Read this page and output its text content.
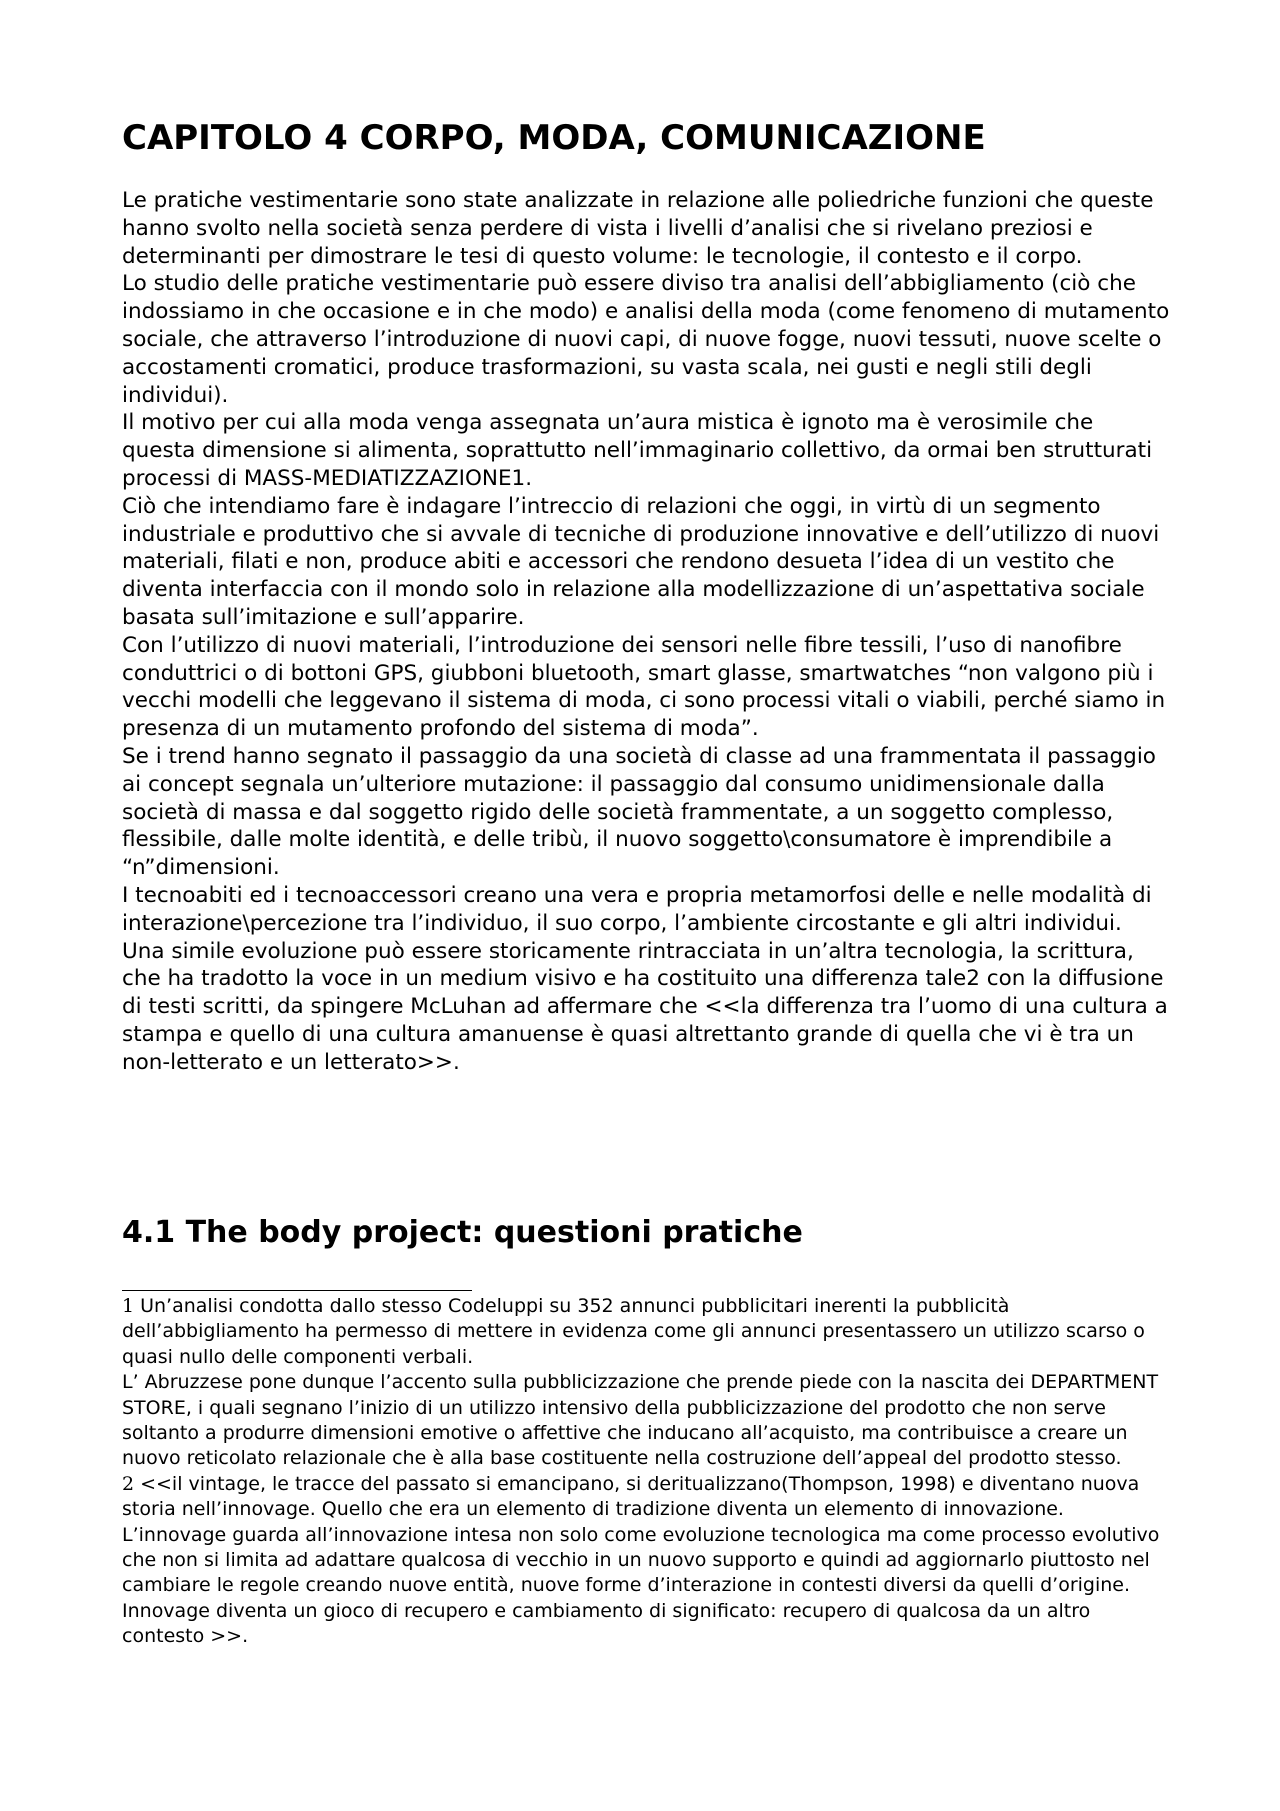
CAPITOLO 4 CORPO, MODA, COMUNICAZIONE

Le pratiche vestimentarie sono state analizzate in relazione alle poliedriche funzioni che queste hanno svolto nella società senza perdere di vista i livelli d’analisi che si rivelano preziosi e determinanti per dimostrare le tesi di questo volume: le tecnologie, il contesto e il corpo.

Lo studio delle pratiche vestimentarie può essere diviso tra analisi dell’abbigliamento (ciò che indossiamo in che occasione e in che modo) e analisi della moda (come fenomeno di mutamento sociale, che attraverso l’introduzione di nuovi capi, di nuove fogge, nuovi tessuti, nuove scelte o accostamenti cromatici, produce trasformazioni, su vasta scala, nei gusti e negli stili degli individui).

Il motivo per cui alla moda venga assegnata un’aura mistica è ignoto ma è verosimile che questa dimensione si alimenta, soprattutto nell’immaginario collettivo, da ormai ben strutturati processi di MASS-MEDIATIZZAZIONE1.

Ciò che intendiamo fare è indagare l’intreccio di relazioni che oggi, in virtù di un segmento industriale e produttivo che si avvale di tecniche di produzione innovative e dell’utilizzo di nuovi materiali, filati e non, produce abiti e accessori che rendono desueta l’idea di un vestito che diventa interfaccia con il mondo solo in relazione alla modellizzazione di un’aspettativa sociale basata sull’imitazione e sull’apparire.

Con l’utilizzo di nuovi materiali, l’introduzione dei sensori nelle fibre tessili, l’uso di nanofibre conduttrici o di bottoni GPS, giubboni bluetooth, smart glasse, smartwatches “non valgono più i vecchi modelli che leggevano il sistema di moda, ci sono processi vitali o viabili, perché siamo in presenza di un mutamento profondo del sistema di moda”.

Se i trend hanno segnato il passaggio da una società di classe ad una frammentata il passaggio ai concept segnala un’ulteriore mutazione: il passaggio dal consumo unidimensionale dalla società di massa e dal soggetto rigido delle società frammentate, a un soggetto complesso, flessibile, dalle molte identità, e delle tribù, il nuovo soggetto\consumatore è imprendibile a “n”dimensioni.

I tecnoabiti ed i tecnoaccessori creano una vera e propria metamorfosi delle e nelle modalità di interazione\percezione tra l’individuo, il suo corpo, l’ambiente circostante e gli altri individui.

Una simile evoluzione può essere storicamente rintracciata in un’altra tecnologia, la scrittura, che ha tradotto la voce in un medium visivo e ha costituito una differenza tale2 con la diffusione di testi scritti, da spingere McLuhan ad affermare che <<la differenza tra l’uomo di una cultura a stampa e quello di una cultura amanuense è quasi altrettanto grande di quella che vi è tra un non-letterato e un letterato>>.

4.1 The body project: questioni pratiche

1 Un’analisi condotta dallo stesso Codeluppi su 352 annunci pubblicitari inerenti la pubblicità dell’abbigliamento ha permesso di mettere in evidenza come gli annunci presentassero un utilizzo scarso o quasi nullo delle componenti verbali.

L’ Abruzzese pone dunque l’accento sulla pubblicizzazione che prende piede con la nascita dei DEPARTMENT STORE, i quali segnano l’inizio di un utilizzo intensivo della pubblicizzazione del prodotto che non serve soltanto a produrre dimensioni emotive o affettive che inducano all’acquisto, ma contribuisce a creare un nuovo reticolato relazionale che è alla base costituente nella costruzione dell’appeal del prodotto stesso.

2 <<il vintage, le tracce del passato si emancipano, si deritualizzano(Thompson, 1998) e diventano nuova storia nell’innovage. Quello che era un elemento di tradizione diventa un elemento di innovazione. L’innovage guarda all’innovazione intesa non solo come evoluzione tecnologica ma come processo evolutivo che non si limita ad adattare qualcosa di vecchio in un nuovo supporto e quindi ad aggiornarlo piuttosto nel cambiare le regole creando nuove entità, nuove forme d’interazione in contesti diversi da quelli d’origine.

Innovage diventa un gioco di recupero e cambiamento di significato: recupero di qualcosa da un altro contesto >>.
